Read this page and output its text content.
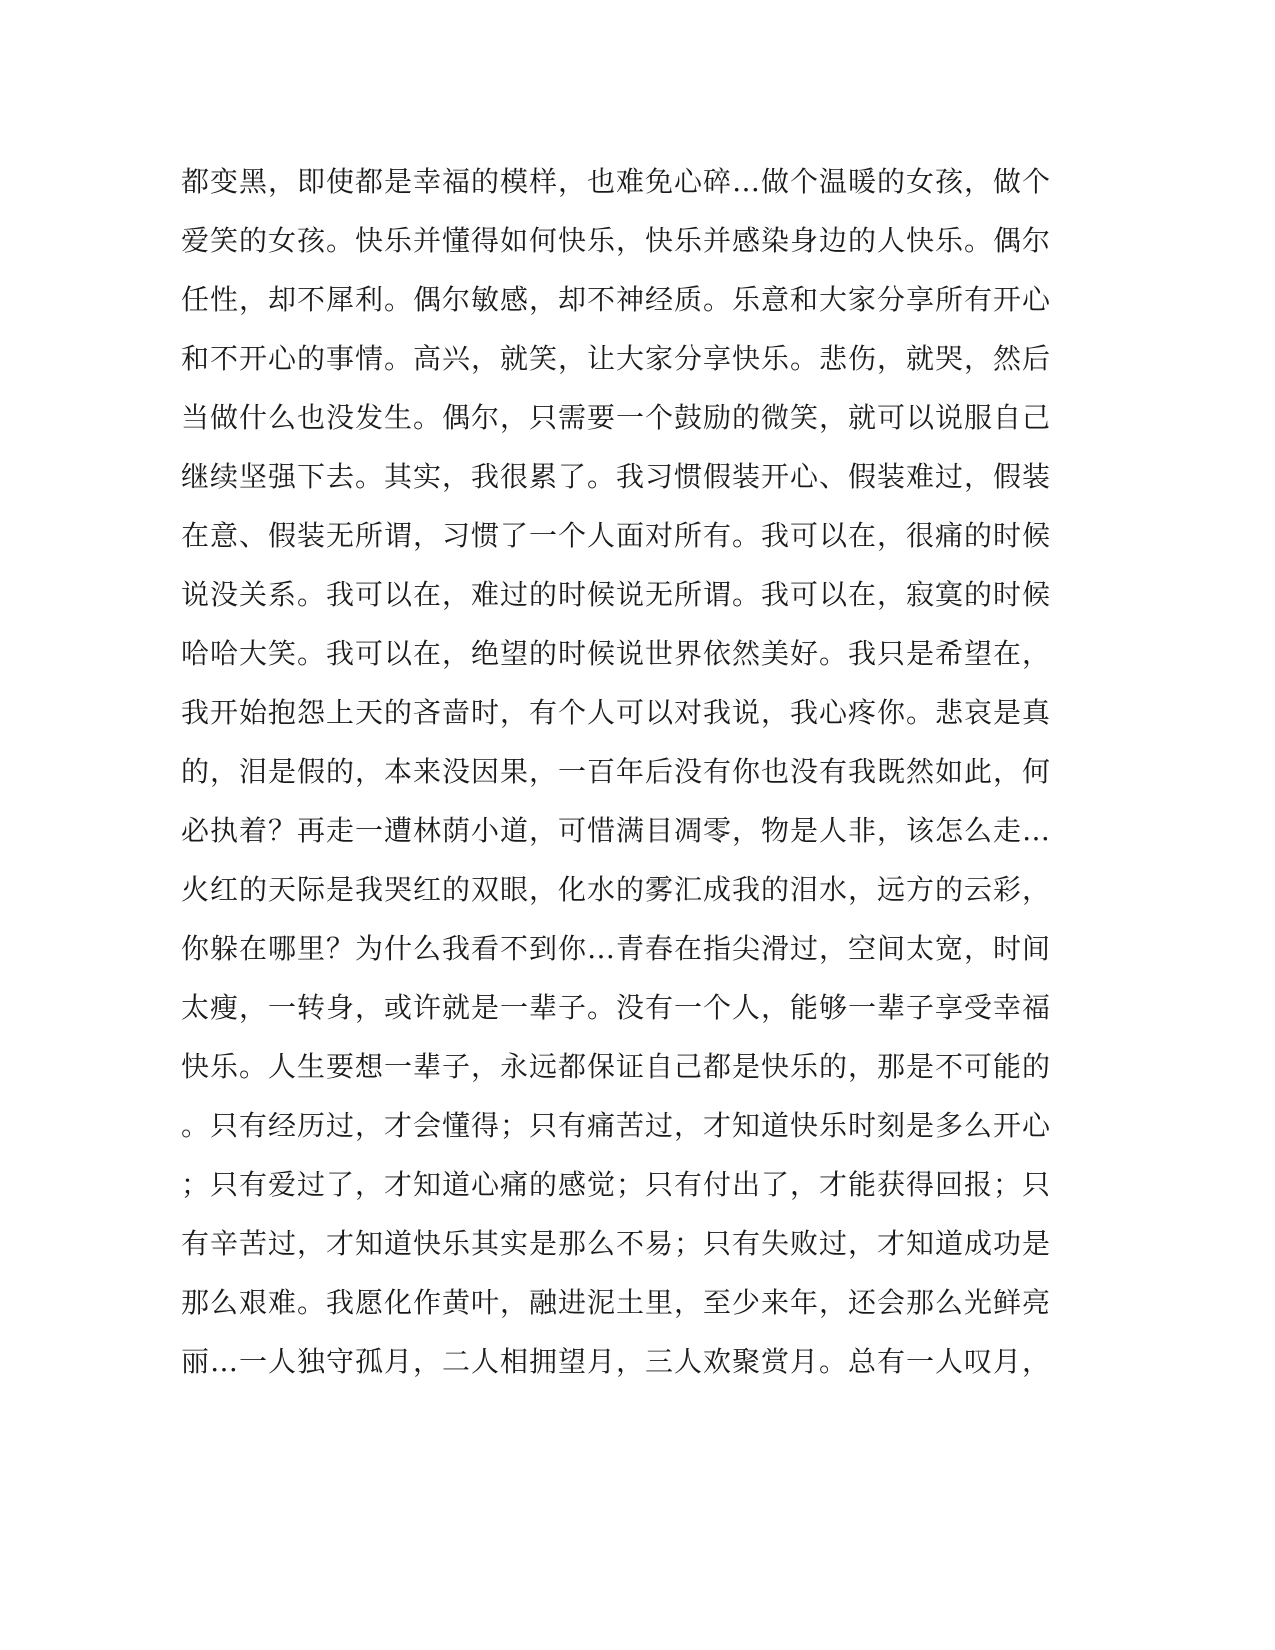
都变黑，即使都是幸福的模样，也难免心碎…做个温暖的女孩，做个
爱笑的女孩。快乐并懂得如何快乐，快乐并感染身边的人快乐。偶尔
任性，却不犀利。偶尔敏感，却不神经质。乐意和大家分享所有开心
和不开心的事情。高兴，就笑，让大家分享快乐。悲伤，就哭，然后
当做什么也没发生。偶尔，只需要一个鼓励的微笑，就可以说服自己
继续坚强下去。其实，我很累了。我习惯假装开心、假装难过，假装
在意、假装无所谓，习惯了一个人面对所有。我可以在，很痛的时候
说没关系。我可以在，难过的时候说无所谓。我可以在，寂寞的时候
哈哈大笑。我可以在，绝望的时候说世界依然美好。我只是希望在，
我开始抱怨上天的吝啬时，有个人可以对我说，我心疼你。悲哀是真
的，泪是假的，本来没因果，一百年后没有你也没有我既然如此，何
必执着？再走一遭林荫小道，可惜满目凋零，物是人非，该怎么走…
火红的天际是我哭红的双眼，化水的雾汇成我的泪水，远方的云彩，
你躲在哪里？为什么我看不到你…青春在指尖滑过，空间太宽，时间
太瘦，一转身，或许就是一辈子。没有一个人，能够一辈子享受幸福
快乐。人生要想一辈子，永远都保证自己都是快乐的，那是不可能的
。只有经历过，才会懂得；只有痛苦过，才知道快乐时刻是多么开心
；只有爱过了，才知道心痛的感觉；只有付出了，才能获得回报；只
有辛苦过，才知道快乐其实是那么不易；只有失败过，才知道成功是
那么艰难。我愿化作黄叶，融进泥土里，至少来年，还会那么光鲜亮
丽…一人独守孤月，二人相拥望月，三人欢聚赏月。总有一人叹月，
